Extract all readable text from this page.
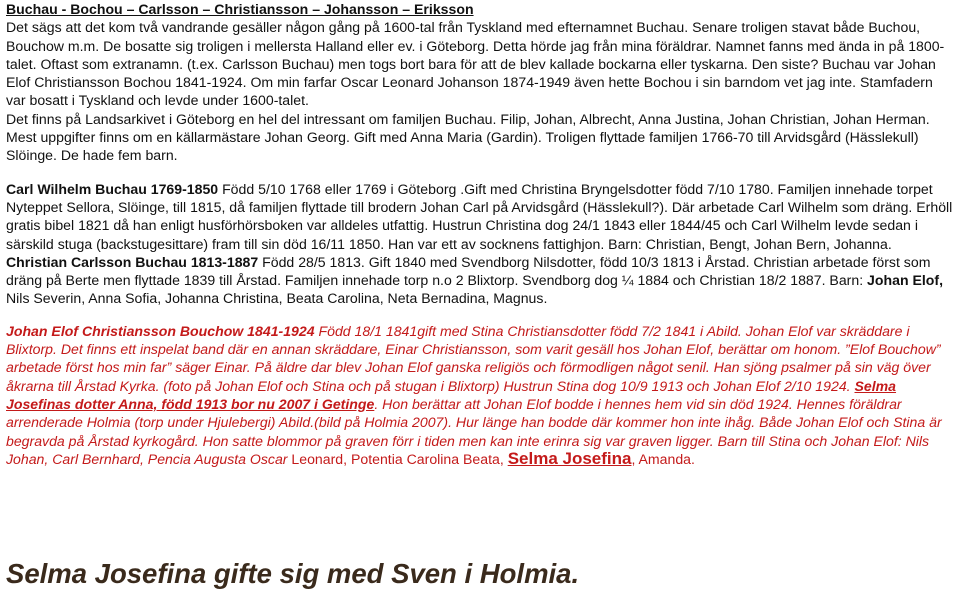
Buchau - Bochou – Carlsson – Christiansson – Johansson – Eriksson

Det sägs att det kom två vandrande gesäller någon gång på 1600-tal från Tyskland med efternamnet Buchau. Senare troligen stavat både Buchou, Bouchow m.m. De bosatte sig troligen i mellersta Halland eller ev. i Göteborg. Detta hörde jag från mina föräldrar. Namnet fanns med ända in på 1800-talet. Oftast som extranamn. (t.ex. Carlsson Buchau) men togs bort bara för att de blev kallade bockarna eller tyskarna. Den siste? Buchau var Johan Elof Christiansson Bochou 1841-1924. Om min farfar Oscar Leonard Johanson 1874-1949 även hette Bochou i sin barndom vet jag inte. Stamfadern var bosatt i Tyskland och levde under 1600-talet.

Det finns på Landsarkivet i Göteborg en hel del intressant om familjen Buchau. Filip, Johan, Albrecht, Anna Justina, Johan Christian, Johan Herman. Mest uppgifter finns om en källarmästare Johan Georg. Gift med Anna Maria (Gardin). Troligen flyttade familjen 1766-70 till Arvidsgård (Hässlekull) Slöinge. De hade fem barn.

Carl Wilhelm Buchau 1769-1850 Född 5/10 1768 eller 1769 i Göteborg .Gift med Christina Bryngelsdotter född 7/10 1780. Familjen innehade torpet Nyteppet Sellora, Slöinge, till 1815, då familjen flyttade till brodern Johan Carl på Arvidsgård (Hässlekull?). Där arbetade Carl Wilhelm som dräng. Erhöll gratis bibel 1821 då han enligt husförhörsboken var alldeles utfattig. Hustrun Christina dog 24/1 1843 eller 1844/45 och Carl Wilhelm levde sedan i särskild stuga (backstugesittare) fram till sin död 16/11 1850. Han var ett av socknens fattighjon. Barn: Christian, Bengt, Johan Bern, Johanna.

Christian Carlsson Buchau 1813-1887 Född 28/5 1813. Gift 1840 med Svendborg Nilsdotter, född 10/3 1813 i Årstad. Christian arbetade först som dräng på Berte men flyttade 1839 till Årstad. Familjen innehade torp n.o 2 Blixtorp. Svendborg dog ¼ 1884 och Christian 18/2 1887. Barn: Johan Elof, Nils Severin, Anna Sofia, Johanna Christina, Beata Carolina, Neta Bernadina, Magnus.

Johan Elof Christiansson Bouchow 1841-1924 Född 18/1 1841gift med Stina Christiansdotter född 7/2 1841 i Abild. Johan Elof var skräddare i Blixtorp. Det finns ett inspelat band där en annan skräddare, Einar Christiansson, som varit gesäll hos Johan Elof, berättar om honom. ”Elof Bouchow” arbetade först hos min far” säger Einar. På äldre dar blev Johan Elof ganska religiös och förmodligen något senil. Han sjöng psalmer på sin väg över åkrarna till Årstad Kyrka. (foto på Johan Elof och Stina och på stugan i Blixtorp) Hustrun Stina dog 10/9 1913 och Johan Elof 2/10 1924. Selma Josefinas dotter Anna, född 1913 bor nu 2007 i Getinge. Hon berättar att Johan Elof bodde i hennes hem vid sin död 1924. Hennes föräldrar arrenderade Holmia (torp under Hjulebergi) Abild.(bild på Holmia 2007). Hur länge han bodde där kommer hon inte ihåg. Både Johan Elof och Stina är begravda på Årstad kyrkogård. Hon satte blommor på graven förr i tiden men kan inte erinra sig var graven ligger. Barn till Stina och Johan Elof: Nils Johan, Carl Bernhard, Pencia Augusta Oscar Leonard, Potentia Carolina Beata, Selma Josefina, Amanda.

Selma Josefina gifte sig med Sven i Holmia.
